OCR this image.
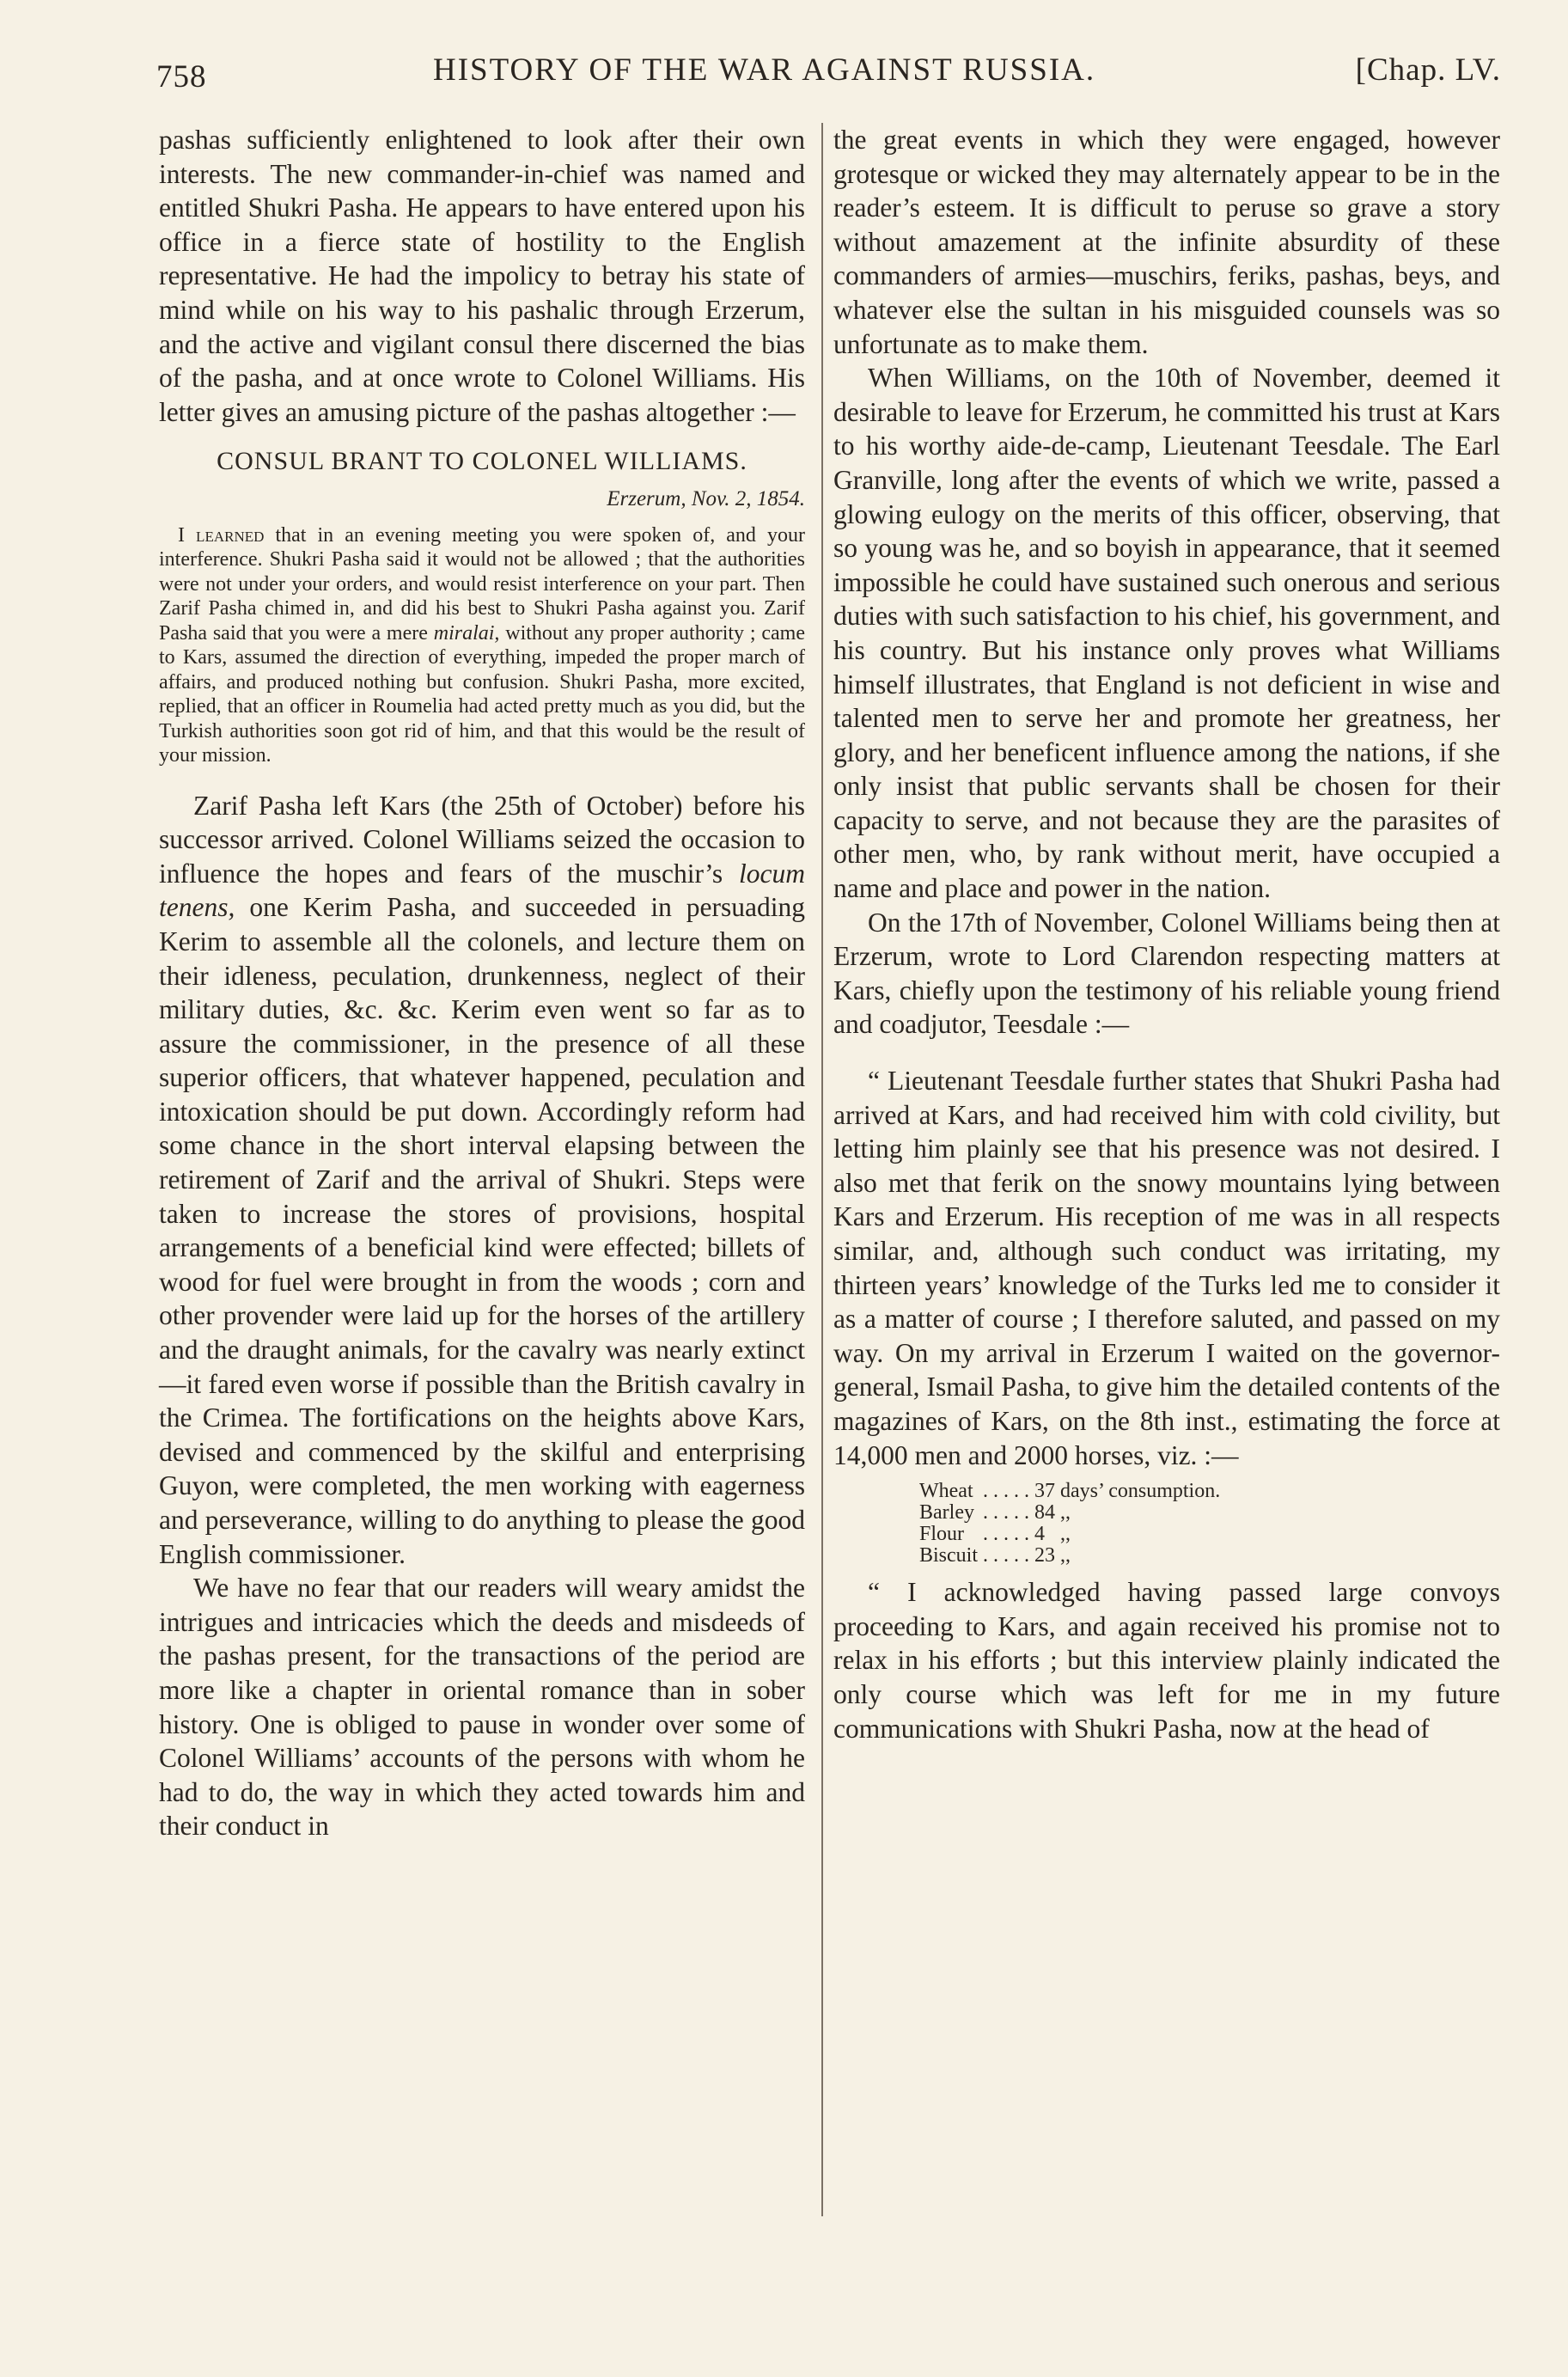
758	HISTORY OF THE WAR AGAINST RUSSIA.	[Chap. LV.

pashas sufficiently enlightened to look after their own interests. The new commander-in-chief was named and entitled Shukri Pasha. He appears to have entered upon his office in a fierce state of hostility to the English representative. He had the impolicy to betray his state of mind while on his way to his pashalic through Erzerum, and the active and vigilant consul there discerned the bias of the pasha, and at once wrote to Colonel Williams. His letter gives an amusing picture of the pashas altogether :—

CONSUL BRANT TO COLONEL WILLIAMS.

Erzerum, Nov. 2, 1854.

I learned that in an evening meeting you were spoken of, and your interference. Shukri Pasha said it would not be allowed ; that the authorities were not under your orders, and would resist interference on your part. Then Zarif Pasha chimed in, and did his best to Shukri Pasha against you. Zarif Pasha said that you were a mere miralai, without any proper authority ; came to Kars, assumed the direction of everything, impeded the proper march of affairs, and produced nothing but confusion. Shukri Pasha, more excited, replied, that an officer in Roumelia had acted pretty much as you did, but the Turkish authorities soon got rid of him, and that this would be the result of your mission.

Zarif Pasha left Kars (the 25th of October) before his successor arrived. Colonel Williams seized the occasion to influence the hopes and fears of the muschir’s locum tenens, one Kerim Pasha, and succeeded in persuading Kerim to assemble all the colonels, and lecture them on their idleness, peculation, drunkenness, neglect of their military duties, &c. &c. Kerim even went so far as to assure the commissioner, in the presence of all these superior officers, that whatever happened, peculation and intoxication should be put down. Accordingly reform had some chance in the short interval elapsing between the retirement of Zarif and the arrival of Shukri. Steps were taken to increase the stores of provisions, hospital arrangements of a beneficial kind were effected; billets of wood for fuel were brought in from the woods ; corn and other provender were laid up for the horses of the artillery and the draught animals, for the cavalry was nearly extinct—it fared even worse if possible than the British cavalry in the Crimea. The fortifications on the heights above Kars, devised and commenced by the skilful and enterprising Guyon, were completed, the men working with eagerness and perseverance, willing to do anything to please the good English commissioner.

We have no fear that our readers will weary amidst the intrigues and intricacies which the deeds and misdeeds of the pashas present, for the transactions of the period are more like a chapter in oriental romance than in sober history. One is obliged to pause in wonder over some of Colonel Williams’ accounts of the persons with whom he had to do, the way in which they acted towards him and their conduct in

the great events in which they were engaged, however grotesque or wicked they may alternately appear to be in the reader’s esteem. It is difficult to peruse so grave a story without amazement at the infinite absurdity of these commanders of armies—muschirs, feriks, pashas, beys, and whatever else the sultan in his misguided counsels was so unfortunate as to make them.

When Williams, on the 10th of November, deemed it desirable to leave for Erzerum, he committed his trust at Kars to his worthy aide-de-camp, Lieutenant Teesdale. The Earl Granville, long after the events of which we write, passed a glowing eulogy on the merits of this officer, observing, that so young was he, and so boyish in appearance, that it seemed impossible he could have sustained such onerous and serious duties with such satisfaction to his chief, his government, and his country. But his instance only proves what Williams himself illustrates, that England is not deficient in wise and talented men to serve her and promote her greatness, her glory, and her beneficent influence among the nations, if she only insist that public servants shall be chosen for their capacity to serve, and not because they are the parasites of other men, who, by rank without merit, have occupied a name and place and power in the nation.

On the 17th of November, Colonel Williams being then at Erzerum, wrote to Lord Clarendon respecting matters at Kars, chiefly upon the testimony of his reliable young friend and coadjutor, Teesdale :—

“ Lieutenant Teesdale further states that Shukri Pasha had arrived at Kars, and had received him with cold civility, but letting him plainly see that his presence was not desired. I also met that ferik on the snowy mountains lying between Kars and Erzerum. His reception of me was in all respects similar, and, although such conduct was irritating, my thirteen years’ knowledge of the Turks led me to consider it as a matter of course ; I therefore saluted, and passed on my way. On my arrival in Erzerum I waited on the governor-general, Ismail Pasha, to give him the detailed contents of the magazines of Kars, on the 8th inst., estimating the force at 14,000 men and 2000 horses, viz. :—

Wheat	. . . . .	37	days’ consumption.
Barley	. . . . .	84	,,
Flour	. . . . .	4	,,
Biscuit	. . . . .	23	,,

“ I acknowledged having passed large convoys proceeding to Kars, and again received his promise not to relax in his efforts ; but this interview plainly indicated the only course which was left for me in my future communications with Shukri Pasha, now at the head of
